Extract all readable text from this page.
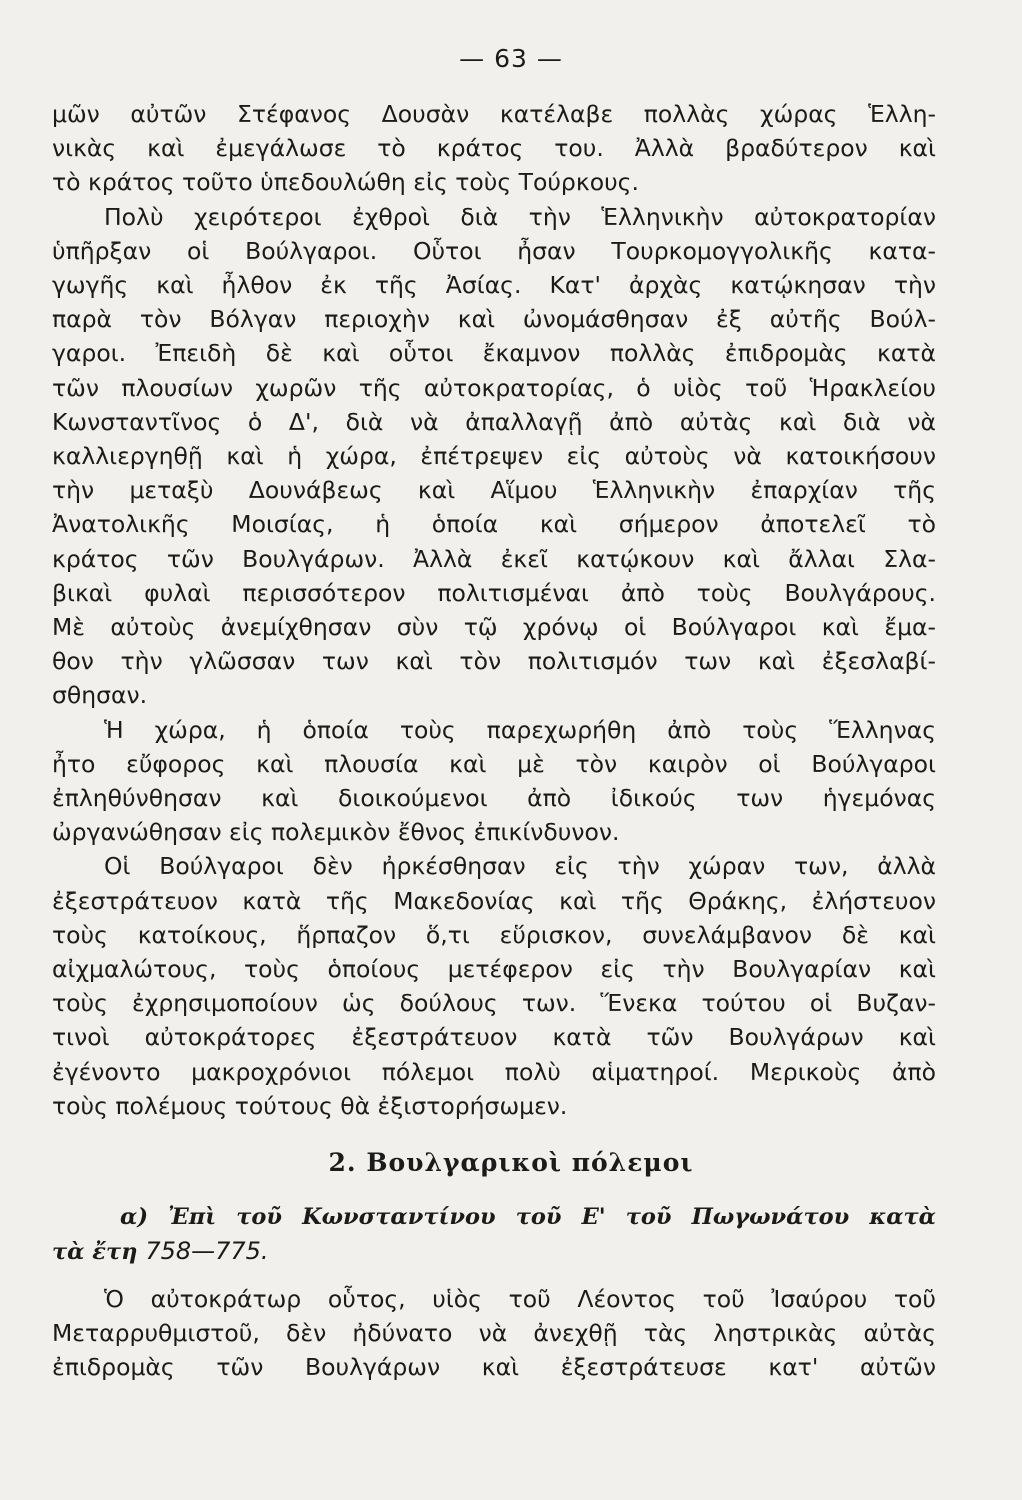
— 63 —
μῶν αὐτῶν Στέφανος Δουσὰν κατέλαβε πολλὰς χώρας Ἑλλη-
νικὰς καὶ ἐμεγάλωσε τὸ κράτος του. Ἀλλὰ βραδύτερον καὶ
τὸ κράτος τοῦτο ὑπεδουλώθη εἰς τοὺς Τούρκους.
Πολὺ χειρότεροι ἐχθροὶ διὰ τὴν Ἑλληνικὴν αὐτοκρατορίαν
ὑπῆρξαν οἱ Βούλγαροι. Οὗτοι ἦσαν Τουρκομογγολικῆς κατα-
γωγῆς καὶ ἦλθον ἐκ τῆς Ἀσίας. Κατ' ἀρχὰς κατῴκησαν τὴν
παρὰ τὸν Βόλγαν περιοχὴν καὶ ὠνομάσθησαν ἐξ αὐτῆς Βούλ-
γαροι. Ἐπειδὴ δὲ καὶ οὗτοι ἔκαμνον πολλὰς ἐπιδρομὰς κατὰ
τῶν πλουσίων χωρῶν τῆς αὐτοκρατορίας, ὁ υἱὸς τοῦ Ἡρακλείου
Κωνσταντῖνος ὁ Δ', διὰ νὰ ἀπαλλαγῇ ἀπὸ αὐτὰς καὶ διὰ νὰ
καλλιεργηθῇ καὶ ἡ χώρα, ἐπέτρεψεν εἰς αὐτοὺς νὰ κατοικήσουν
τὴν μεταξὺ Δουνάβεως καὶ Αἵμου Ἑλληνικὴν ἐπαρχίαν τῆς
Ἀνατολικῆς Μοισίας, ἡ ὁποία καὶ σήμερον ἀποτελεῖ τὸ
κράτος τῶν Βουλγάρων. Ἀλλὰ ἐκεῖ κατῴκουν καὶ ἄλλαι Σλα-
βικαὶ φυλαὶ περισσότερον πολιτισμέναι ἀπὸ τοὺς Βουλγάρους.
Μὲ αὐτοὺς ἀνεμίχθησαν σὺν τῷ χρόνῳ οἱ Βούλγαροι καὶ ἔμα-
θον τὴν γλῶσσαν των καὶ τὸν πολιτισμόν των καὶ ἐξεσλαβί-
σθησαν.
Ἡ χώρα, ἡ ὁποία τοὺς παρεχωρήθη ἀπὸ τοὺς Ἕλληνας
ἦτο εὔφορος καὶ πλουσία καὶ μὲ τὸν καιρὸν οἱ Βούλγαροι
ἐπληθύνθησαν καὶ διοικούμενοι ἀπὸ ἰδικούς των ἡγεμόνας
ὠργανώθησαν εἰς πολεμικὸν ἔθνος ἐπικίνδυνον.
Οἱ Βούλγαροι δὲν ἠρκέσθησαν εἰς τὴν χώραν των, ἀλλὰ
ἐξεστράτευον κατὰ τῆς Μακεδονίας καὶ τῆς Θράκης, ἐλήστευον
τοὺς κατοίκους, ἥρπαζον ὅ,τι εὕρισκον, συνελάμβανον δὲ καὶ
αἰχμαλώτους, τοὺς ὁποίους μετέφερον εἰς τὴν Βουλγαρίαν καὶ
τοὺς ἐχρησιμοποίουν ὡς δούλους των. Ἕνεκα τούτου οἱ Βυζαν-
τινοὶ αὐτοκράτορες ἐξεστράτευον κατὰ τῶν Βουλγάρων καὶ
ἐγένοντο μακροχρόνιοι πόλεμοι πολὺ αἱματηροί. Μερικοὺς ἀπὸ
τοὺς πολέμους τούτους θὰ ἐξιστορήσωμεν.
2. Βουλγαρικοὶ πόλεμοι
α) Ἐπὶ τοῦ Κωνσταντίνου τοῦ Ε' τοῦ Πωγωνάτου κατὰ
τὰ ἔτη 758—775.
Ὁ αὐτοκράτωρ οὗτος, υἱὸς τοῦ Λέοντος τοῦ Ἰσαύρου τοῦ
Μεταρρυθμιστοῦ, δὲν ἠδύνατο νὰ ἀνεχθῇ τὰς ληστρικὰς αὐτὰς
ἐπιδρομὰς τῶν Βουλγάρων καὶ ἐξεστράτευσε κατ' αὐτῶν
